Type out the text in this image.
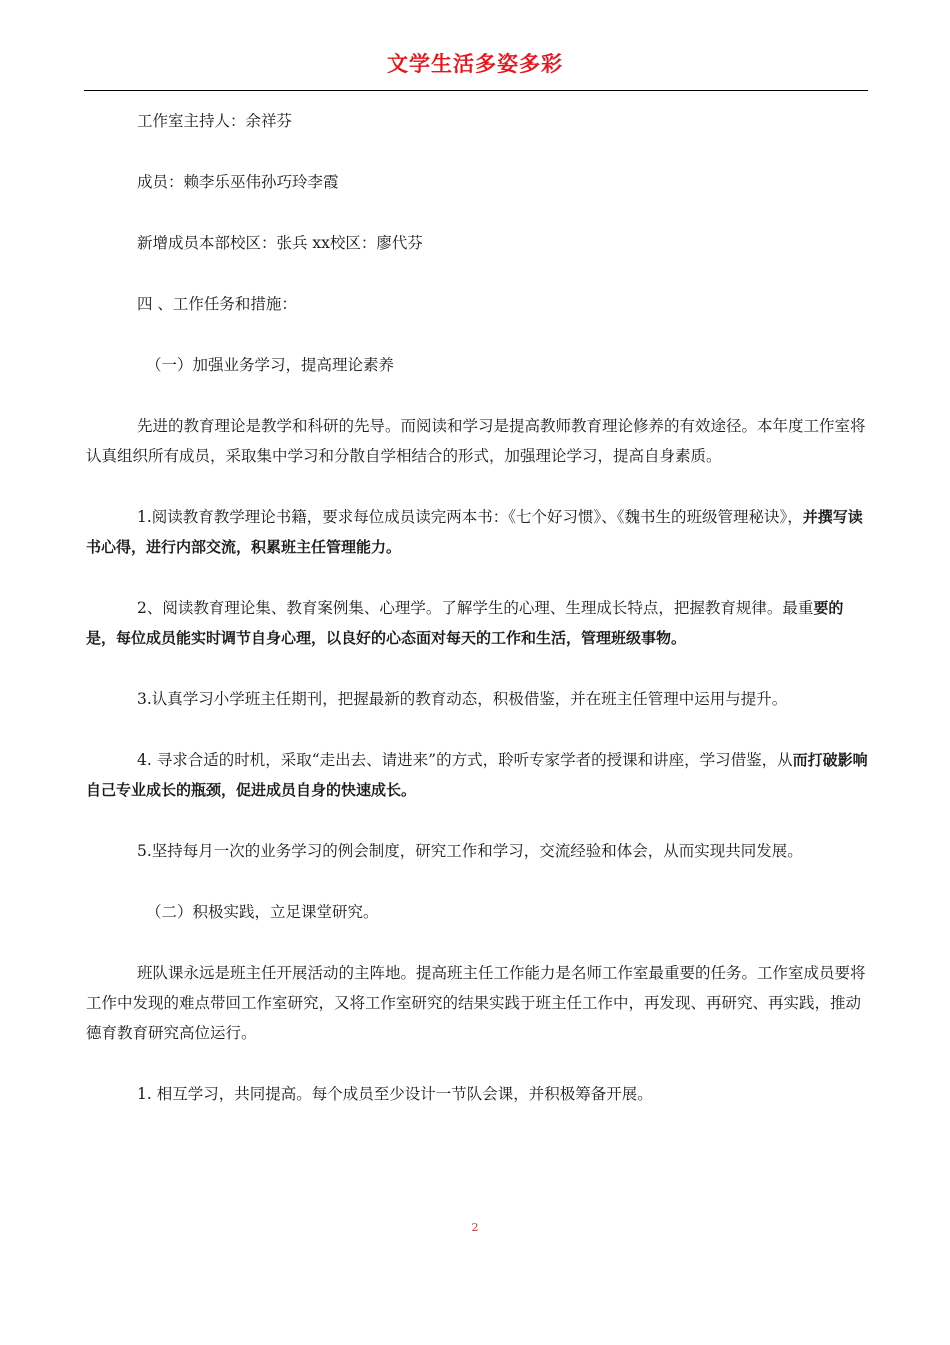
文学生活多姿多彩

工作室主持人：余祥芬

成员：赖李乐巫伟孙巧玲李霞

新增成员本部校区：张兵 xx校区：廖代芬

四 、工作任务和措施：

（一）加强业务学习，提高理论素养

先进的教育理论是教学和科研的先导。而阅读和学习是提高教师教育理论修养的有效途径。本年度工作室将认真组织所有成员，采取集中学习和分散自学相结合的形式，加强理论学习，提高自身素质。

1.阅读教育教学理论书籍，要求每位成员读完两本书：《七个好习惯》、《魏书生的班级管理秘诀》，并撰写读书心得，进行内部交流，积累班主任管理能力。

2、阅读教育理论集、教育案例集、心理学。了解学生的心理、生理成长特点，把握教育规律。最重要的是，每位成员能实时调节自身心理，以良好的心态面对每天的工作和生活，管理班级事物。

3.认真学习小学班主任期刊，把握最新的教育动态，积极借鉴，并在班主任管理中运用与提升。

4. 寻求合适的时机，采取“走出去、请进来”的方式，聆听专家学者的授课和讲座，学习借鉴，从而打破影响自己专业成长的瓶颈，促进成员自身的快速成长。

5.坚持每月一次的业务学习的例会制度，研究工作和学习，交流经验和体会，从而实现共同发展。

（二）积极实践，立足课堂研究。

班队课永远是班主任开展活动的主阵地。提高班主任工作能力是名师工作室最重要的任务。工作室成员要将工作中发现的难点带回工作室研究，又将工作室研究的结果实践于班主任工作中，再发现、再研究、再实践，推动德育教育研究高位运行。

1. 相互学习，共同提高。每个成员至少设计一节队会课，并积极筹备开展。

2
